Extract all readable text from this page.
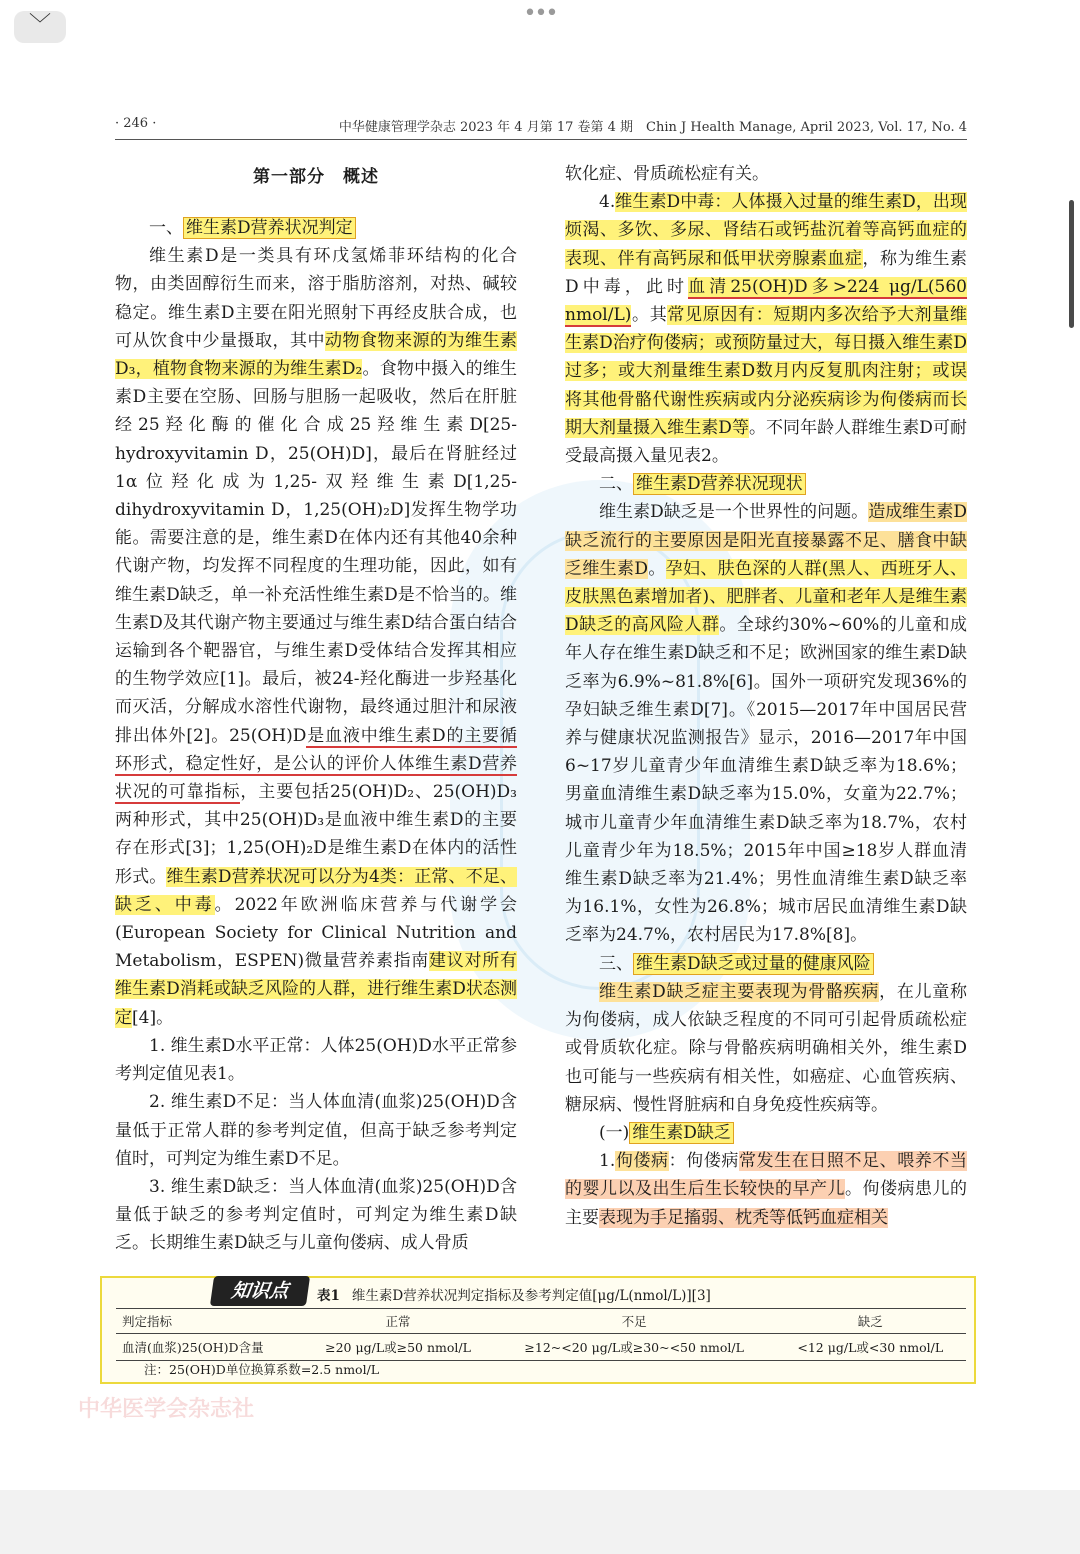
﹀	•••
· 246 ·	中华健康管理学杂志 2023 年 4 月第 17 卷第 4 期　Chin J Health Manage, April 2023, Vol. 17, No. 4
第一部分　概述
一、 维生素D营养状况判定

维生素D是一类具有环戊氢烯菲环结构的化合物，由类固醇衍生而来，溶于脂肪溶剂，对热、碱较稳定。维生素D主要在阳光照射下再经皮肤合成，也可从饮食中少量摄取，其中动物食物来源的为维生素D₃，植物食物来源的为维生素D₂。食物中摄入的维生素D主要在空肠、回肠与胆肠一起吸收，然后在肝脏经25羟化酶的催化合成25羟维生素D[25-hydroxyvitamin D，25(OH)D]，最后在肾脏经过1α位羟化成为1,25-双羟维生素D[1,25-dihydroxyvitamin D，1,25(OH)₂D]发挥生物学功能。需要注意的是，维生素D在体内还有其他40余种代谢产物，均发挥不同程度的生理功能，因此，如有维生素D缺乏，单一补充活性维生素D是不恰当的。维生素D及其代谢产物主要通过与维生素D结合蛋白结合运输到各个靶器官，与维生素D受体结合发挥其相应的生物学效应[1]。最后，被24-羟化酶进一步羟基化而灭活，分解成水溶性代谢物，最终通过胆汁和尿液排出体外[2]。25(OH)D是血液中维生素D的主要循环形式，稳定性好，是公认的评价人体维生素D营养状况的可靠指标，主要包括25(OH)D₂、25(OH)D₃两种形式，其中25(OH)D₃是血液中维生素D的主要存在形式[3]；1,25(OH)₂D是维生素D在体内的活性形式。维生素D营养状况可以分为4类：正常、不足、缺乏、中毒。2022年欧洲临床营养与代谢学会(European Society for Clinical Nutrition and Metabolism，ESPEN)微量营养素指南建议对所有维生素D消耗或缺乏风险的人群，进行维生素D状态测定[4]。

1. 维生素D水平正常：人体25(OH)D水平正常参考判定值见表1。

2. 维生素D不足：当人体血清(血浆)25(OH)D含量低于正常人群的参考判定值，但高于缺乏参考判定值时，可判定为维生素D不足。

3. 维生素D缺乏：当人体血清(血浆)25(OH)D含量低于缺乏的参考判定值时，可判定为维生素D缺乏。长期维生素D缺乏与儿童佝偻病、成人骨质

软化症、骨质疏松症有关。

4.维生素D中毒：人体摄入过量的维生素D，出现烦渴、多饮、多尿、肾结石或钙盐沉着等高钙血症的表现、伴有高钙尿和低甲状旁腺素血症，称为维生素D中毒，此时血清25(OH)D多>224 μg/L(560 nmol/L)。其常见原因有：短期内多次给予大剂量维生素D治疗佝偻病；或预防量过大，每日摄入维生素D过多；或大剂量维生素D数月内反复肌肉注射；或误将其他骨骼代谢性疾病或内分泌疾病诊为佝偻病而长期大剂量摄入维生素D等。不同年龄人群维生素D可耐受最高摄入量见表2。

二、 维生素D营养状况现状

维生素D缺乏是一个世界性的问题。造成维生素D缺乏流行的主要原因是阳光直接暴露不足、膳食中缺乏维生素D。孕妇、肤色深的人群(黑人、西班牙人、皮肤黑色素增加者)、肥胖者、儿童和老年人是维生素D缺乏的高风险人群。全球约30%~60%的儿童和成年人存在维生素D缺乏和不足；欧洲国家的维生素D缺乏率为6.9%~81.8%[6]。国外一项研究发现36%的孕妇缺乏维生素D[7]。《2015—2017年中国居民营养与健康状况监测报告》显示，2016—2017年中国6~17岁儿童青少年血清维生素D缺乏率为18.6%；男童血清维生素D缺乏率为15.0%，女童为22.7%；城市儿童青少年血清维生素D缺乏率为18.7%，农村儿童青少年为18.5%；2015年中国≥18岁人群血清维生素D缺乏率为21.4%；男性血清维生素D缺乏率为16.1%，女性为26.8%；城市居民血清维生素D缺乏率为24.7%，农村居民为17.8%[8]。

三、 维生素D缺乏或过量的健康风险

维生素D缺乏症主要表现为骨骼疾病，在儿童称为佝偻病，成人依缺乏程度的不同可引起骨质疏松症或骨质软化症。除与骨骼疾病明确相关外，维生素D也可能与一些疾病有相关性，如癌症、心血管疾病、糖尿病、慢性肾脏病和自身免疫性疾病等。

(一) 维生素D缺乏

1.佝偻病：佝偻病常发生在日照不足、喂养不当的婴儿以及出生后生长较快的早产儿。佝偻病患儿的主要表现为手足搐弱、枕秃等低钙血症相关

知识点	表1 维生素D营养状况判定指标及参考判定值[μg/L(nmol/L)][3]
判定指标	正常	不足	缺乏
血清(血浆)25(OH)D含量	≥20 μg/L或≥50 nmol/L	≥12~<20 μg/L或≥30~<50 nmol/L	<12 μg/L或<30 nmol/L
注：25(OH)D单位换算系数=2.5 nmol/L
中华医学会杂志社
